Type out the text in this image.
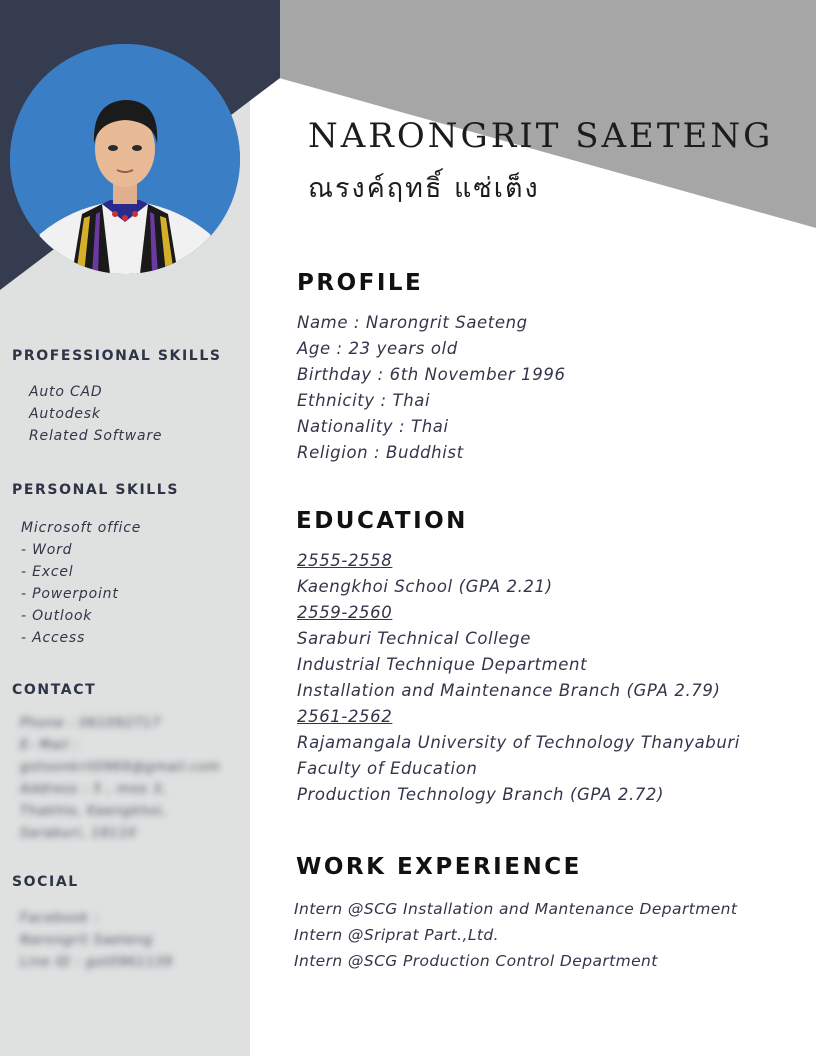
NARONGRIT SAETENG
ณรงค์ฤทธิ์ แซ่เต็ง
PROFESSIONAL SKILLS
Auto CAD
Autodesk
Related Software
PERSONAL SKILLS
Microsoft office
- Word
- Excel
- Powerpoint
- Outlook
- Access
CONTACT
Phone : 061092717
E- Mail :
gotoonkrit0969@gmail.com
Address : 5 , moo 3,
Thakhlo, Kaengkhoi,
Saraburi, 18110
SOCIAL
Facebook :
Narongrit Saeteng
Line ID : got0961139
PROFILE
Name : Narongrit Saeteng
Age : 23 years old
Birthday : 6th November 1996
Ethnicity : Thai
Nationality : Thai
Religion : Buddhist
EDUCATION
2555-2558
Kaengkhoi School (GPA 2.21)
2559-2560
Saraburi Technical College
Industrial Technique Department
Installation and Maintenance Branch (GPA 2.79)
2561-2562
Rajamangala University of Technology Thanyaburi
Faculty of Education
Production Technology Branch (GPA 2.72)
WORK EXPERIENCE
Intern @SCG Installation and Mantenance Department
Intern @Sriprat Part.,Ltd.
Intern @SCG Production Control Department
